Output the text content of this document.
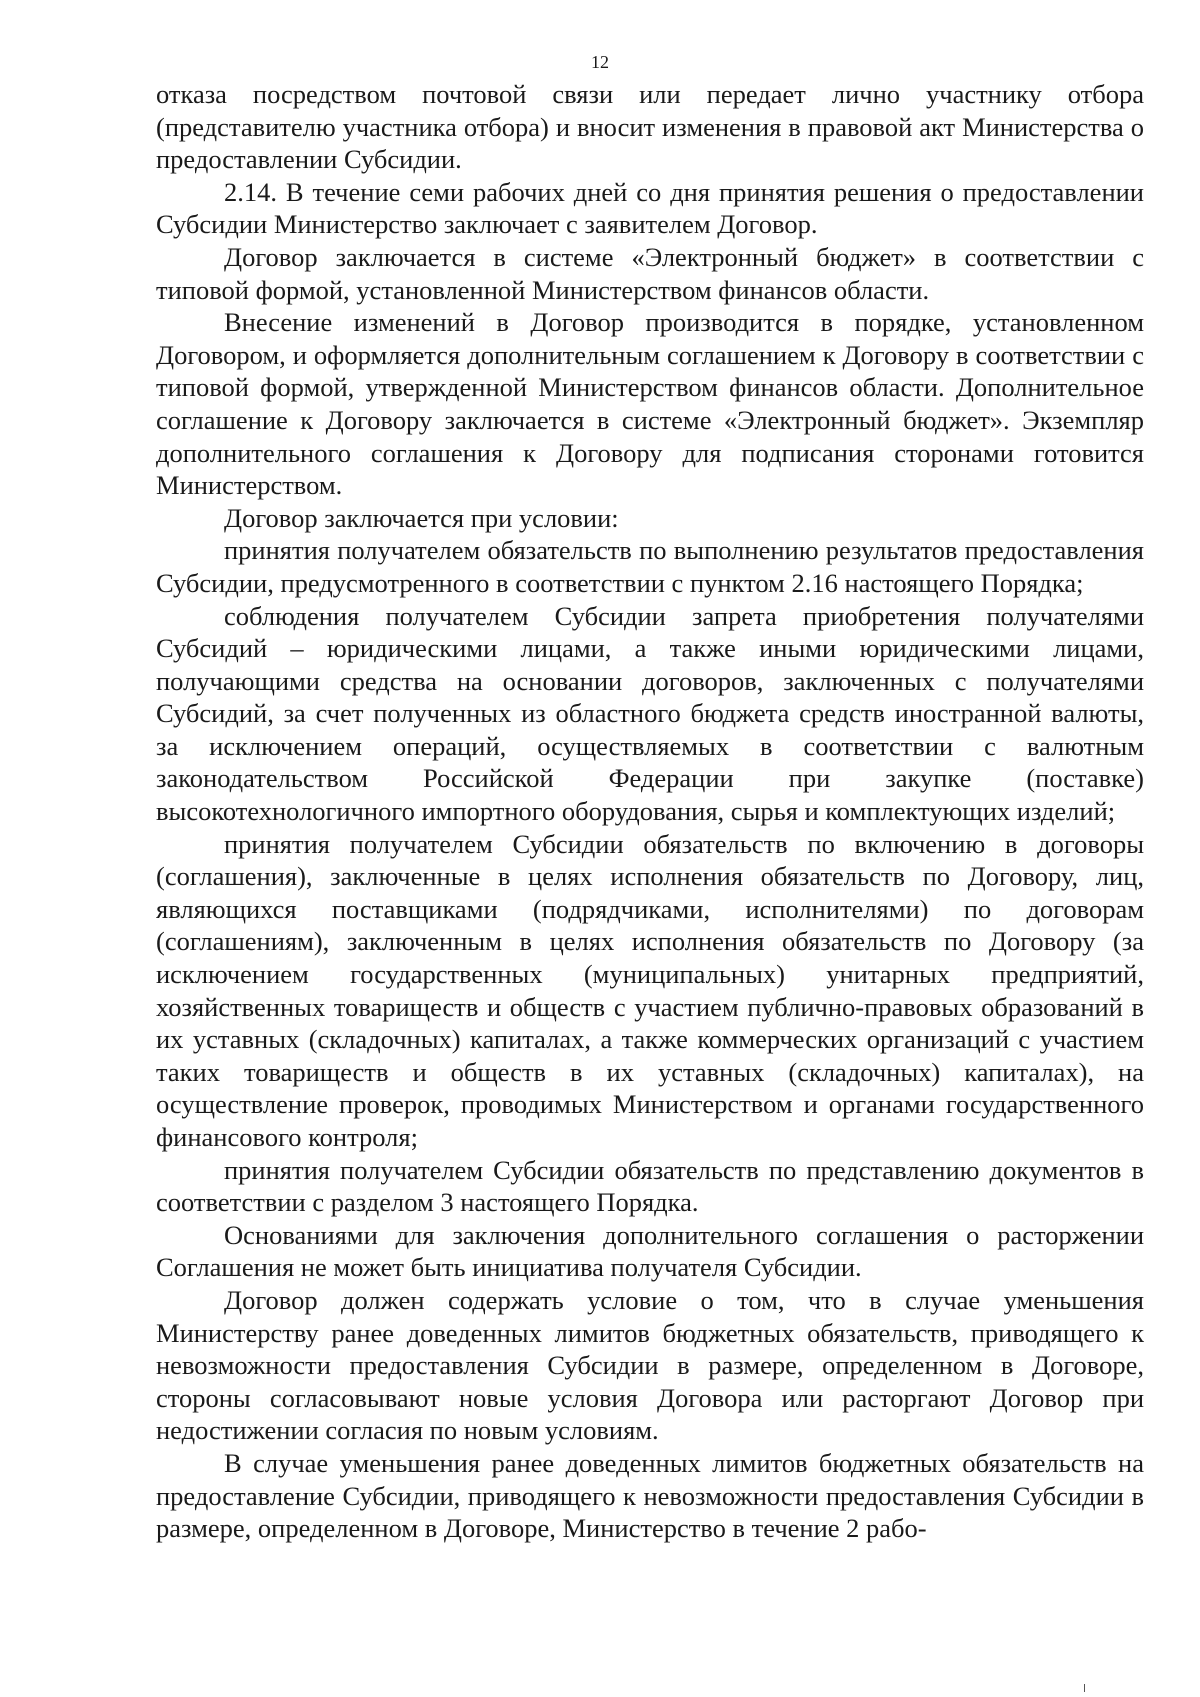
12

отказа посредством почтовой связи или передает лично участнику отбора (представителю участника отбора) и вносит изменения в правовой акт Министерства о предоставлении Субсидии.

2.14. В течение семи рабочих дней со дня принятия решения о предоставлении Субсидии Министерство заключает с заявителем Договор.

Договор заключается в системе «Электронный бюджет» в соответствии с типовой формой, установленной Министерством финансов области.

Внесение изменений в Договор производится в порядке, установленном Договором, и оформляется дополнительным соглашением к Договору в соответствии с типовой формой, утвержденной Министерством финансов области. Дополнительное соглашение к Договору заключается в системе «Электронный бюджет». Экземпляр дополнительного соглашения к Договору для подписания сторонами готовится Министерством.

Договор заключается при условии:

принятия получателем обязательств по выполнению результатов предоставления Субсидии, предусмотренного в соответствии с пунктом 2.16 настоящего Порядка;

соблюдения получателем Субсидии запрета приобретения получателями Субсидий – юридическими лицами, а также иными юридическими лицами, получающими средства на основании договоров, заключенных с получателями Субсидий, за счет полученных из областного бюджета средств иностранной валюты, за исключением операций, осуществляемых в соответствии с валютным законодательством Российской Федерации при закупке (поставке) высокотехнологичного импортного оборудования, сырья и комплектующих изделий;

принятия получателем Субсидии обязательств по включению в договоры (соглашения), заключенные в целях исполнения обязательств по Договору, лиц, являющихся поставщиками (подрядчиками, исполнителями) по договорам (соглашениям), заключенным в целях исполнения обязательств по Договору (за исключением государственных (муниципальных) унитарных предприятий, хозяйственных товариществ и обществ с участием публично-правовых образований в их уставных (складочных) капиталах, а также коммерческих организаций с участием таких товариществ и обществ в их уставных (складочных) капиталах), на осуществление проверок, проводимых Министерством и органами государственного финансового контроля;

принятия получателем Субсидии обязательств по представлению документов в соответствии с разделом 3 настоящего Порядка.

Основаниями для заключения дополнительного соглашения о расторжении Соглашения не может быть инициатива получателя Субсидии.

Договор должен содержать условие о том, что в случае уменьшения Министерству ранее доведенных лимитов бюджетных обязательств, приводящего к невозможности предоставления Субсидии в размере, определенном в Договоре, стороны согласовывают новые условия Договора или расторгают Договор при недостижении согласия по новым условиям.

В случае уменьшения ранее доведенных лимитов бюджетных обязательств на предоставление Субсидии, приводящего к невозможности предоставления Субсидии в размере, определенном в Договоре, Министерство в течение 2 рабо-
